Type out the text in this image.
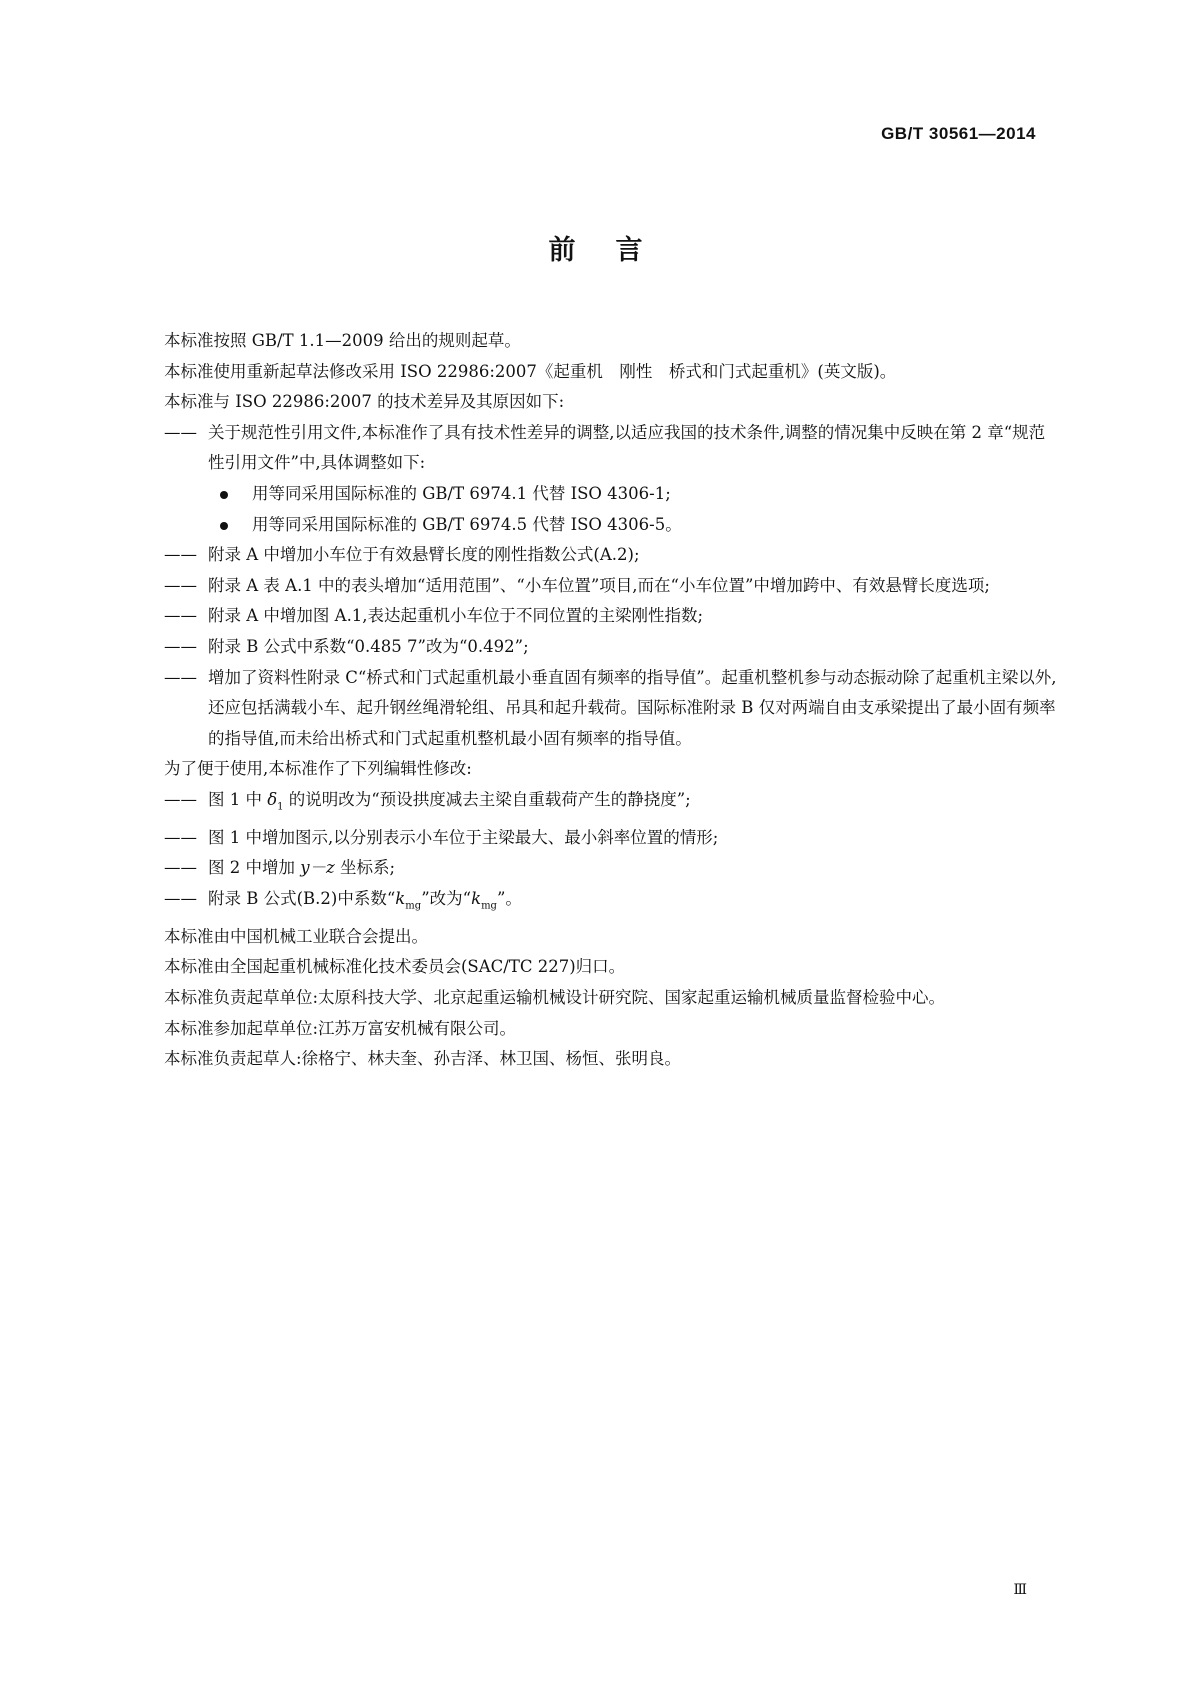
GB/T 30561—2014
前言

本标准按照 GB/T 1.1—2009 给出的规则起草。

本标准使用重新起草法修改采用 ISO 22986:2007《起重机　刚性　桥式和门式起重机》(英文版)。

本标准与 ISO 22986:2007 的技术差异及其原因如下:

—— 关于规范性引用文件,本标准作了具有技术性差异的调整,以适应我国的技术条件,调整的情况集中反映在第 2 章“规范性引用文件”中,具体调整如下:

用等同采用国际标准的 GB/T 6974.1 代替 ISO 4306-1;

用等同采用国际标准的 GB/T 6974.5 代替 ISO 4306-5。

—— 附录 A 中增加小车位于有效悬臂长度的刚性指数公式(A.2);

—— 附录 A 表 A.1 中的表头增加“适用范围”、“小车位置”项目,而在“小车位置”中增加跨中、有效悬臂长度选项;

—— 附录 A 中增加图 A.1,表达起重机小车位于不同位置的主梁刚性指数;

—— 附录 B 公式中系数“0.485 7”改为“0.492”;

—— 增加了资料性附录 C“桥式和门式起重机最小垂直固有频率的指导值”。起重机整机参与动态振动除了起重机主梁以外,还应包括满载小车、起升钢丝绳滑轮组、吊具和起升载荷。国际标准附录 B 仅对两端自由支承梁提出了最小固有频率的指导值,而未给出桥式和门式起重机整机最小固有频率的指导值。

为了便于使用,本标准作了下列编辑性修改:

—— 图 1 中 $\delta_1$ 的说明改为“预设拱度减去主梁自重载荷产生的静挠度”;

—— 图 1 中增加图示,以分别表示小车位于主梁最大、最小斜率位置的情形;

—— 图 2 中增加 y－z 坐标系;

—— 附录 B 公式(B.2)中系数“$k_{mg}$”改为“$k_{mg}$”。

本标准由中国机械工业联合会提出。

本标准由全国起重机械标准化技术委员会(SAC/TC 227)归口。

本标准负责起草单位:太原科技大学、北京起重运输机械设计研究院、国家起重运输机械质量监督检验中心。

本标准参加起草单位:江苏万富安机械有限公司。

本标准负责起草人:徐格宁、林夫奎、孙吉泽、林卫国、杨恒、张明良。

Ⅲ
